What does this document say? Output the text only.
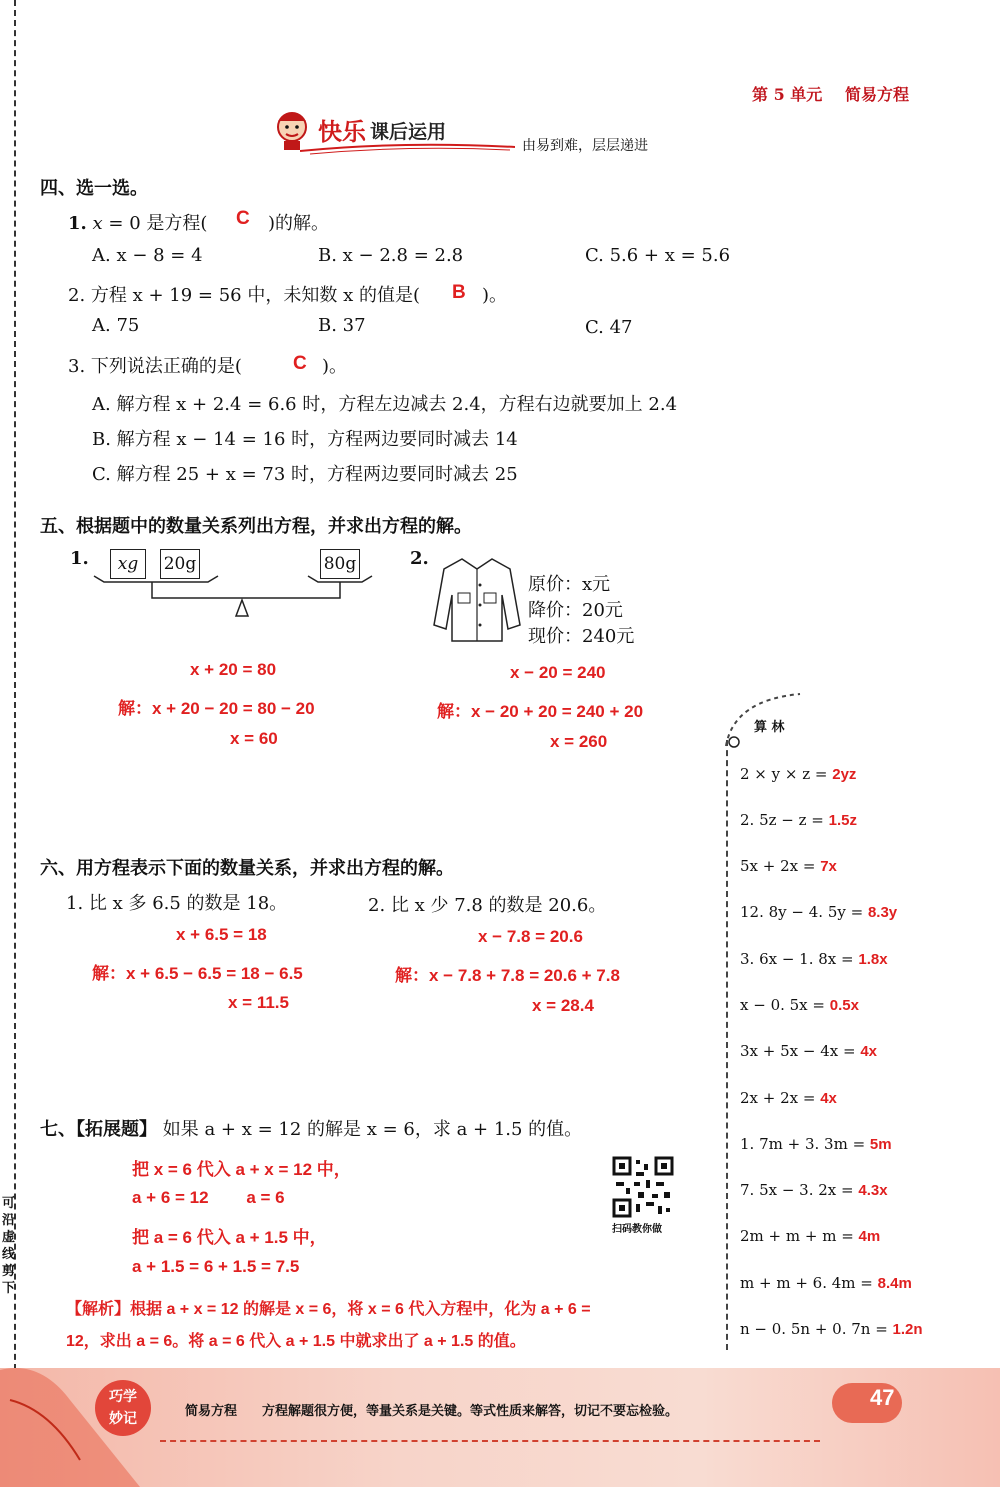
可沿虚线剪下
第 5 单元 简易方程
快乐 课后运用
由易到难，层层递进
四、选一选。
1. x = 0 是方程( C )的解。
A. x − 8 = 4	B. x − 2.8 = 2.8	C. 5.6 + x = 5.6
2. 方程 x + 19 = 56 中，未知数 x 的值是( B )。
A. 75	B. 37	C. 47
3. 下列说法正确的是(	C )。
A. 解方程 x + 2.4 = 6.6 时，方程左边减去 2.4，方程右边就要加上 2.4
B. 解方程 x − 14 = 16 时，方程两边要同时减去 14
C. 解方程 25 + x = 73 时，方程两边要同时减去 25
五、根据题中的数量关系列出方程，并求出方程的解。
1.	xg	20g	80g
x + 20 = 80
解：x + 20 − 20 = 80 − 20
x = 60
2.
原价：x元
降价：20元
现价：240元
x − 20 = 240
解：x − 20 + 20 = 240 + 20
x = 260
六、用方程表示下面的数量关系，并求出方程的解。
1. 比 x 多 6.5 的数是 18。	2. 比 x 少 7.8 的数是 20.6。
x + 6.5 = 18
解：x + 6.5 − 6.5 = 18 − 6.5
x = 11.5
x − 7.8 = 20.6
解：x − 7.8 + 7.8 = 20.6 + 7.8
x = 28.4
七、【拓展题】 如果 a + x = 12 的解是 x = 6，求 a + 1.5 的值。
把 x = 6 代入 a + x = 12 中，
a + 6 = 12        a = 6
把 a = 6 代入 a + 1.5 中，
a + 1.5 = 6 + 1.5 = 7.5
【解析】根据 a + x = 12 的解是 x = 6，将 x = 6 代入方程中，化为 a + 6 =
12，求出 a = 6。将 a = 6 代入 a + 1.5 中就求出了 a + 1.5 的值。
扫码教你做
算 林
2 × y × z = 2yz
2. 5z − z = 1.5z
5x + 2x = 7x
12. 8y − 4. 5y = 8.3y
3. 6x − 1. 8x = 1.8x
x − 0. 5x = 0.5x
3x + 5x − 4x = 4x
2x + 2x = 4x
1. 7m + 3. 3m = 5m
7. 5x − 3. 2x = 4.3x
2m + m + m = 4m
m + m + 6. 4m = 8.4m
n − 0. 5n + 0. 7n = 1.2n
巧学妙记	简易方程 方程解题很方便，等量关系是关键。等式性质来解答，切记不要忘检验。
47
